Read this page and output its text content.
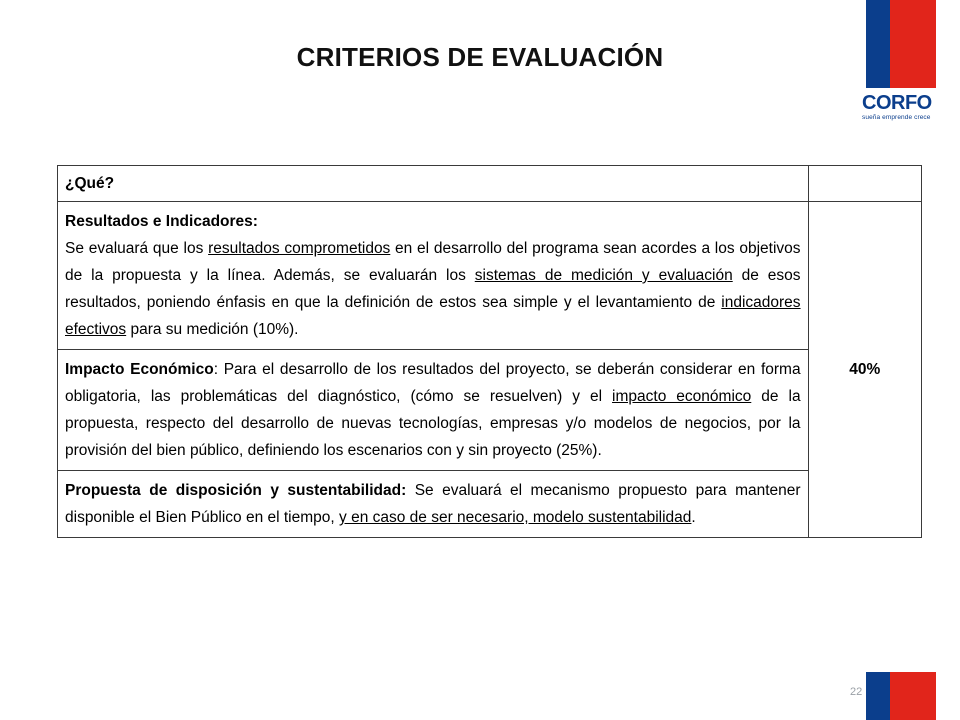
CORFO
sueña emprende crece
CRITERIOS DE EVALUACIÓN
¿Qué?	

Resultados e Indicadores:
Se evaluará que los resultados comprometidos en el desarrollo del programa sean acordes a los objetivos de la propuesta y la línea. Además, se evaluarán los sistemas de medición y evaluación de esos resultados, poniendo énfasis en que la definición de estos sea simple y el levantamiento de indicadores efectivos para su medición (10%).	40%

Impacto Económico: Para el desarrollo de los resultados del proyecto, se deberán considerar en forma obligatoria, las problemáticas del diagnóstico, (cómo se resuelven) y el impacto económico de la propuesta, respecto del desarrollo de nuevas tecnologías, empresas y/o modelos de negocios, por la provisión del bien público, definiendo los escenarios con y sin proyecto (25%).	

Propuesta de disposición y sustentabilidad: Se evaluará el mecanismo propuesto para mantener disponible el Bien Público en el tiempo, y en caso de ser necesario, modelo sustentabilidad.	

22
